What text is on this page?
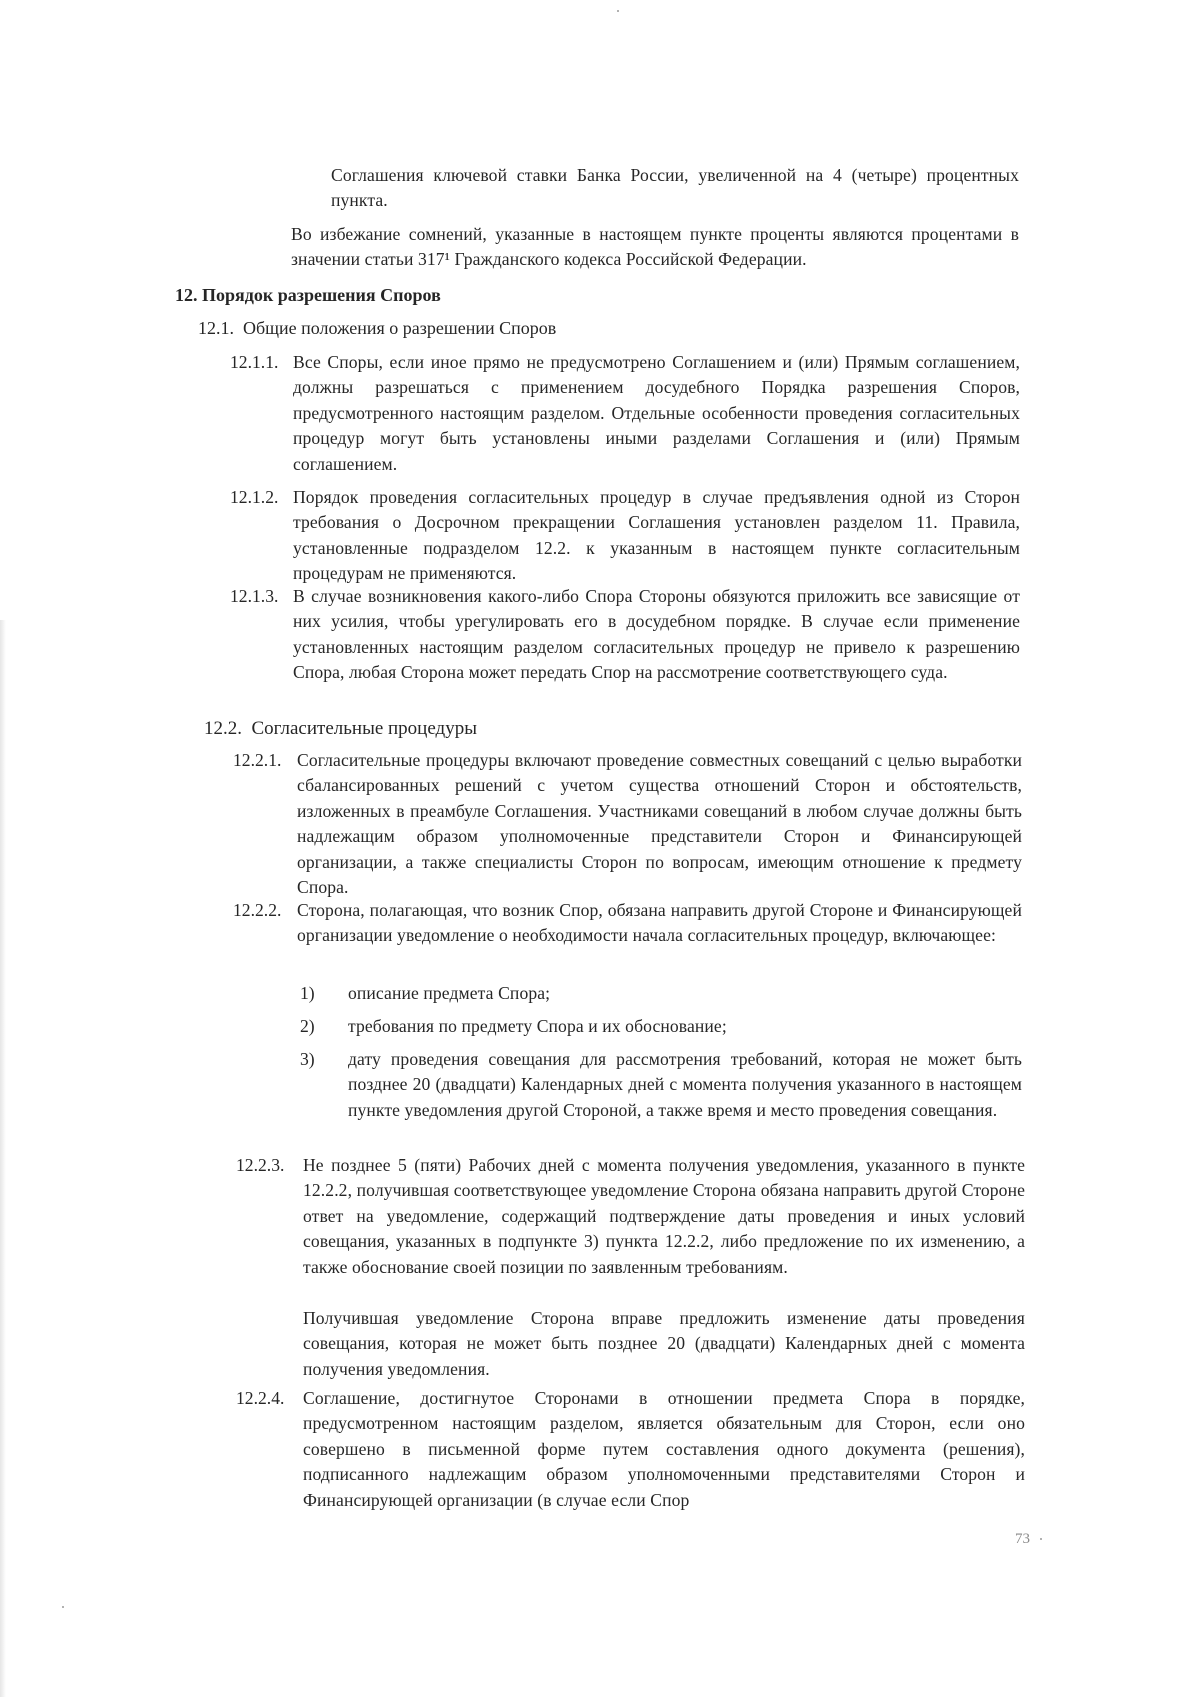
Соглашения ключевой ставки Банка России, увеличенной на 4 (четыре) процентных пункта.
Во избежание сомнений, указанные в настоящем пункте проценты являются процентами в значении статьи 317¹ Гражданского кодекса Российской Федерации.
12. Порядок разрешения Споров
12.1. Общие положения о разрешении Споров
12.1.1. Все Споры, если иное прямо не предусмотрено Соглашением и (или) Прямым соглашением, должны разрешаться с применением досудебного Порядка разрешения Споров, предусмотренного настоящим разделом. Отдельные особенности проведения согласительных процедур могут быть установлены иными разделами Соглашения и (или) Прямым соглашением.
12.1.2. Порядок проведения согласительных процедур в случае предъявления одной из Сторон требования о Досрочном прекращении Соглашения установлен разделом 11. Правила, установленные подразделом 12.2. к указанным в настоящем пункте согласительным процедурам не применяются.
12.1.3. В случае возникновения какого-либо Спора Стороны обязуются приложить все зависящие от них усилия, чтобы урегулировать его в досудебном порядке. В случае если применение установленных настоящим разделом согласительных процедур не привело к разрешению Спора, любая Сторона может передать Спор на рассмотрение соответствующего суда.
12.2. Согласительные процедуры
12.2.1. Согласительные процедуры включают проведение совместных совещаний с целью выработки сбалансированных решений с учетом существа отношений Сторон и обстоятельств, изложенных в преамбуле Соглашения. Участниками совещаний в любом случае должны быть надлежащим образом уполномоченные представители Сторон и Финансирующей организации, а также специалисты Сторон по вопросам, имеющим отношение к предмету Спора.
12.2.2. Сторона, полагающая, что возник Спор, обязана направить другой Стороне и Финансирующей организации уведомление о необходимости начала согласительных процедур, включающее:
1) описание предмета Спора;
2) требования по предмету Спора и их обоснование;
3) дату проведения совещания для рассмотрения требований, которая не может быть позднее 20 (двадцати) Календарных дней с момента получения указанного в настоящем пункте уведомления другой Стороной, а также время и место проведения совещания.
12.2.3. Не позднее 5 (пяти) Рабочих дней с момента получения уведомления, указанного в пункте 12.2.2, получившая соответствующее уведомление Сторона обязана направить другой Стороне ответ на уведомление, содержащий подтверждение даты проведения и иных условий совещания, указанных в подпункте 3) пункта 12.2.2, либо предложение по их изменению, а также обоснование своей позиции по заявленным требованиям.
Получившая уведомление Сторона вправе предложить изменение даты проведения совещания, которая не может быть позднее 20 (двадцати) Календарных дней с момента получения уведомления.
12.2.4. Соглашение, достигнутое Сторонами в отношении предмета Спора в порядке, предусмотренном настоящим разделом, является обязательным для Сторон, если оно совершено в письменной форме путем составления одного документа (решения), подписанного надлежащим образом уполномоченными представителями Сторон и Финансирующей организации (в случае если Спор
73
